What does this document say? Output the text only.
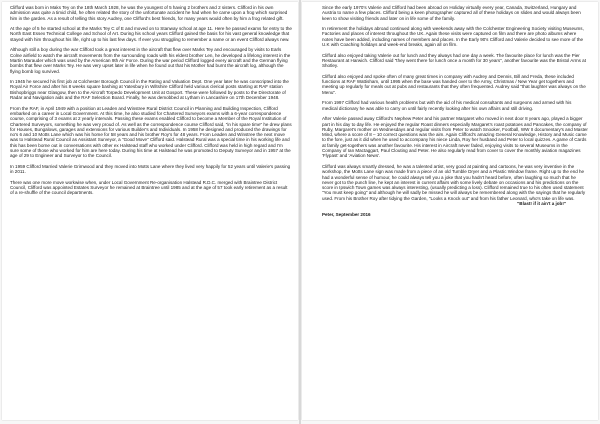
Clifford was born in Maks Tey on the 18th March 1928, he was the youngest of 5 having 2 brothers and 2 sisters. Clifford in his own admission was quite a timid child, he often related the story of the unfortunate accident he had when he came upon a frog which surprised him in the garden. As a result of telling this story Audrey, one Clifford's best friends, for many years would often by him a frog related gift.

At the age of 5 he started school at the Marks Tey C of E and moved on to Stanway school at age 11. Here he passed exams for entry to the North East Essex Technical College and School of Art. During his school years Clifford gained the basis for his vast general knowledge that stayed with him throughout his life, right up to his last few days. If ever you struggling to remember a name or an event Clifford always new.

Although still a boy during the war Clifford took a great interest in the aircraft that flew over Marks Tey and encouraged by visits to Earls Colne airfield to watch the aircraft movements from the surrounding roads with his eldest brother Len, he developed a lifelong interest in the Martin Marauder which was used by the American 9th Air Force. During the war period Clifford logged every aircraft and the German flying bombs that flew over Marks Tey. He was very upset later in life when he found out that his Mother had burnt the aircraft log, although the flying bomb log survived.

In 1945 he secured his first job at Colchester Borough Council in the Rating and Valuation Dept. One year later he was conscripted into the Royal Air Force and after his 8 weeks square bashing at Yatesbury in Wiltshire Clifford held various clerical posts starting at RAF station Bishopbriggs near Glasgow, then to the Aircraft Torpedo Development Unit at Gosport. These were followed by posts to the Directorate of Radar and Navigation aids and the RAF Selection Board. Finally, he was demobbed at Lytham in Lancashire on 17th December 1948.

From the RAF, in April 1949 with a position at Leaden and Winstree Rural District Council in Planning and Building Inspection, Clifford embarked on a career in Local Government. At this time, he also studied for Chartered Surveyors exams with a 6-year correspondence course, comprising of 3 exams at 2 yearly intervals. Passing these exams enabled Clifford to become a Member of the Royal Institution of Chartered Surveyors, something he was very proud of. As well as the correspondence course Clifford said, "in his spare time" he drew plans for Houses, Bungalows, garages and extensions for various Builder's and Individuals. In 1958 he designed and produced the drawings for no's 6 and 10 Motts Lane which was his home for 58 years and his brother Roy's for 48 years. From Leaden and Winstree the next move was to Halstead Rural Council as Assistant Surveyor, a "Good Move" Clifford said. Halstead Rural was a special time in his working life and this has been borne out in conversations with other ex Halstead staff who worked under Clifford. Clifford was held in high regard and I'm sure some of those who worked for him are here today. During his time at Halstead he was promoted to Deputy Surveyor and in 1957 at the age of 29 to Engineer and Surveyor to the Council.

In 1959 Clifford Married Valerie Grimwood and they moved into Motts Lane where they lived very happily for 52 years until Valerie's passing in 2011.

There was one more move workwise when, under Local Government Re-organisation Halstead R.D.C. merged with Braintree District Council, Clifford was appointed Estates Surveyor he remained at Braintree until 1985 and at the age of 57 took early retirement as a result of a re-shuffle of the council departments.

Since the early 1970's Valerie and Clifford had been abroad on Holiday virtually every year, Canada, Switzerland, Hungary and Austria to name a few places. Clifford being a keen photographer captured all of these holidays on slides and would always been keen to show visiting friends and later on in life some of the family.

In retirement the holidays abroad continued along with weekends away with the Colchester Engineering Society visiting Museums, Factories and places of interest throughout the UK. Again these visits were captured on film and there are photo albums where notes have been added, including names of members and places. In the Early 90's Clifford and Valerie decided to see more of the U.K with Coaching holidays and week-end breaks, again all on film.

Clifford also enjoyed taking Valerie out for lunch and they always had one day a week. The favourite place for lunch was the Pier Restaurant at Harwich. Clifford said "they went there for lunch once a month for 30 years", another favourite was the Bristol Arms at Shotley.

Clifford also enjoyed and spoke often of many great times in company with Audrey and Dennis, Bill and Freda, these included functions at RAF Wattisham, until 1995 when the base was handed over to the Army, Christmas / New Year get togethers and meeting up regularly for meals out at pubs and restaurants that they often frequented. Audrey said "that laughter was always on the Menu".

From 1997 Clifford had various health problems but with the aid of his medical consultants and surgeons and armed with his medical dictionary he was able to carry on until fairly recently looking after his own affairs and still driving.

After Valerie passed away Clifford's Nephew Peter and his partner Margaret who moved in next door 8 years ago, played a bigger part in his day to day life. He enjoyed the regular Roast dinners especially Margaret's roast potatoes and Pancakes, the company of Ruby, Margaret's mother on Wednesdays and regular visits from Peter to watch Snooker, Football, WW II documentary's and Master Mind, where a score of 8 – 10 correct questions was the aim. Again Clifford's amazing General Knowledge, History and Music came to the fore, just as it did when he used to accompany his niece Linda, Roy her husband and Peter to local quizzes. A game of Cards at family get-togethers was another favourite. His interest in Aircraft never faded, enjoying visits to several Museums in the Company of Ian Mactaggart, Paul Clouting and Peter. He also regularly read from cover to cover the monthly aviation magazines 'Flypast' and 'Aviation News'.

Clifford was always smartly dressed, he was a talented artist, very good at painting and cartoons, he was very inventive in the workshop, the Motts Lane sign was made from a piece of an old Tumble Dryer and a Plastic Window frame. Right up to the end he had a wonderful sense of humour, he could always tell you a joke that you hadn't heard before, often laughing so much that he never got to the punch line, he kept an interest in current affairs with some lively debate on occasions and his predictions on the score in Ipswich Town games was always interesting, (usually predicting a loss). Clifford remained true to his often used statement "You must keep going" and although he will sadly be missed he will always be remembered along with the sayings that he regularly used. From his Brother Roy after tidying the Garden, "Looks a Knock out" and from his father Leonard, who's take on life was.

"Blast! if it ain't a job!"

Peter, September 2016
